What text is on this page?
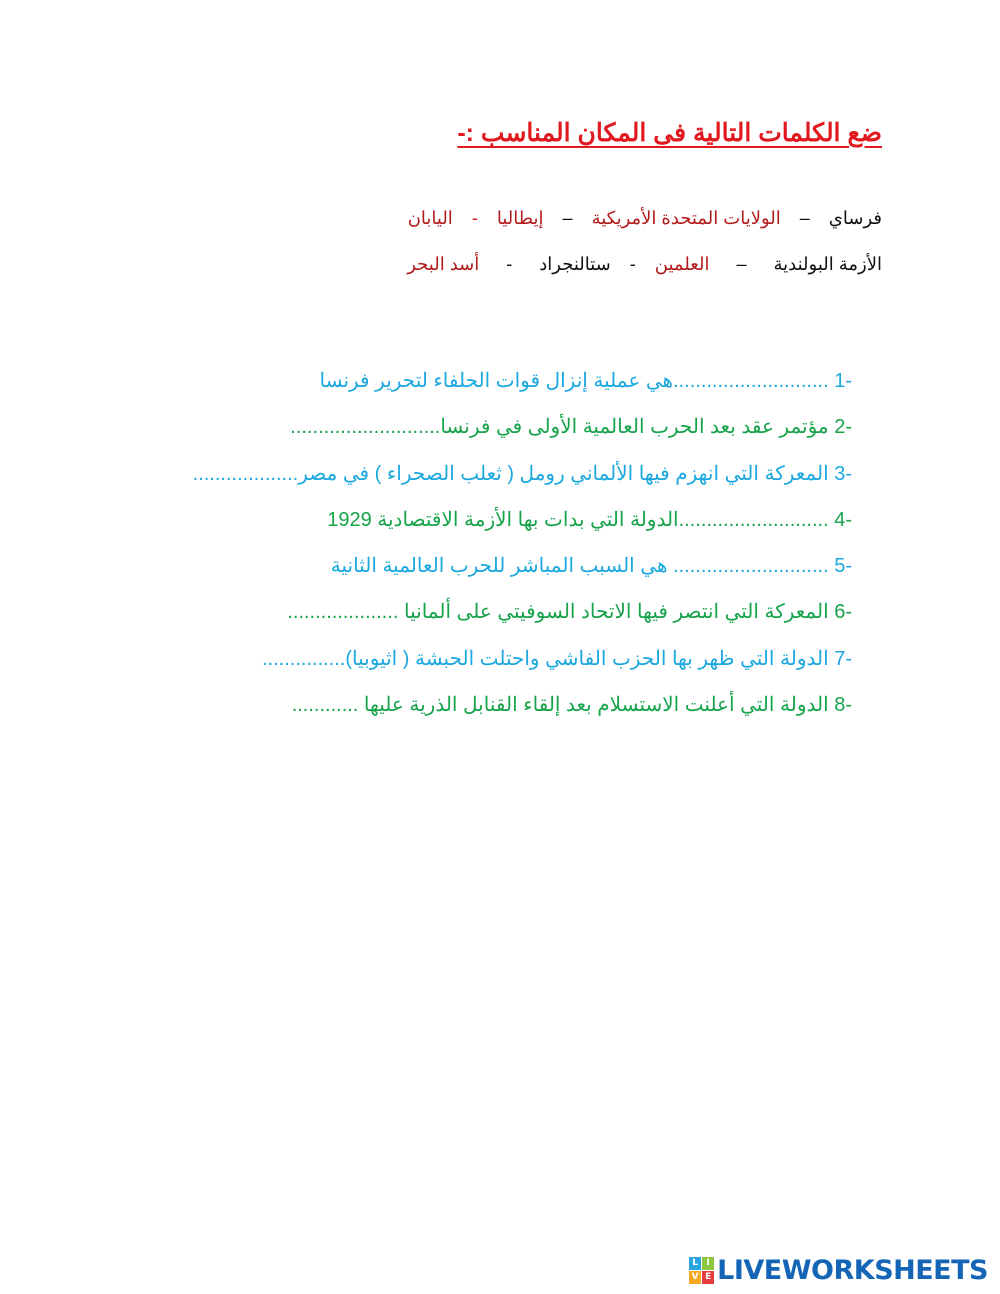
ضع الكلمات التالية فى المكان المناسب :-
فرساي – الولايات المتحدة الأمريكية – إيطاليا - اليابان
الأزمة البولندية – العلمين - ستالنجراد - أسد البحر
1- ............................هي عملية إنزال قوات الحلفاء لتحرير فرنسا
2- مؤتمر عقد بعد الحرب العالمية الأولى في فرنسا...........................
3- المعركة التي انهزم فيها الألماني رومل ( ثعلب الصحراء ) في مصر...................
4- ...........................الدولة التي بدات بها الأزمة الاقتصادية 1929
5- ............................ هي السبب المباشر للحرب العالمية الثانية
6- المعركة التي انتصر فيها الاتحاد السوفيتي على ألمانيا ....................
7- الدولة التي ظهر بها الحزب الفاشي واحتلت الحبشة ( اثيوبيا)...............
8- الدولة التي أعلنت الاستسلام بعد إلقاء القنابل الذرية عليها ............
L I
V E LIVEWORKSHEETS
